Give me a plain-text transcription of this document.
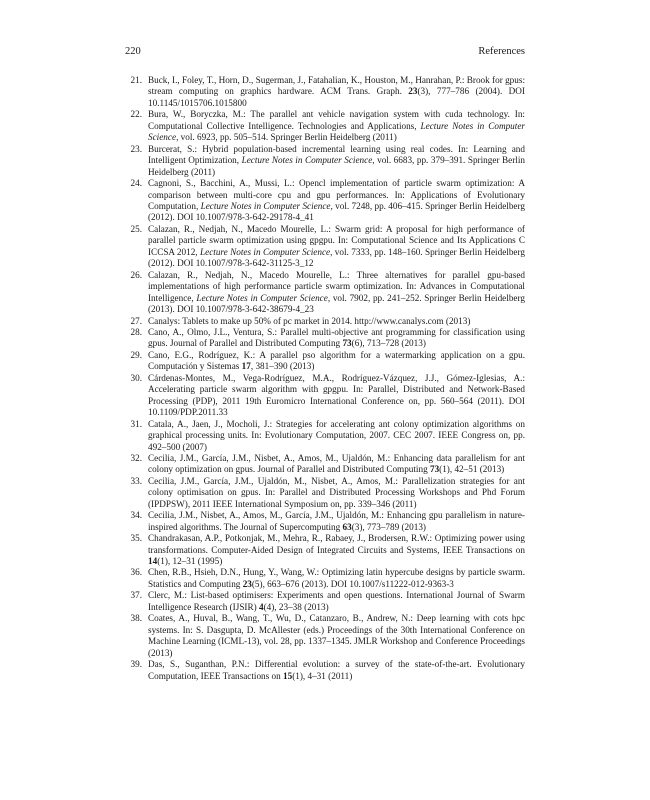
220	References

21. Buck, I., Foley, T., Horn, D., Sugerman, J., Fatahalian, K., Houston, M., Hanrahan, P.: Brook for gpus: stream computing on graphics hardware. ACM Trans. Graph. 23(3), 777–786 (2004). DOI 10.1145/1015706.1015800

22. Bura, W., Boryczka, M.: The parallel ant vehicle navigation system with cuda technology. In: Computational Collective Intelligence. Technologies and Applications, Lecture Notes in Computer Science, vol. 6923, pp. 505–514. Springer Berlin Heidelberg (2011)

23. Burcerat, S.: Hybrid population-based incremental learning using real codes. In: Learning and Intelligent Optimization, Lecture Notes in Computer Science, vol. 6683, pp. 379–391. Springer Berlin Heidelberg (2011)

24. Cagnoni, S., Bacchini, A., Mussi, L.: Opencl implementation of particle swarm optimization: A comparison between multi-core cpu and gpu performances. In: Applications of Evolutionary Computation, Lecture Notes in Computer Science, vol. 7248, pp. 406–415. Springer Berlin Heidelberg (2012). DOI 10.1007/978-3-642-29178-4_41

25. Calazan, R., Nedjah, N., Macedo Mourelle, L.: Swarm grid: A proposal for high performance of parallel particle swarm optimization using gpgpu. In: Computational Science and Its Applications C ICCSA 2012, Lecture Notes in Computer Science, vol. 7333, pp. 148–160. Springer Berlin Heidelberg (2012). DOI 10.1007/978-3-642-31125-3_12

26. Calazan, R., Nedjah, N., Macedo Mourelle, L.: Three alternatives for parallel gpu-based implementations of high performance particle swarm optimization. In: Advances in Computational Intelligence, Lecture Notes in Computer Science, vol. 7902, pp. 241–252. Springer Berlin Heidelberg (2013). DOI 10.1007/978-3-642-38679-4_23

27. Canalys: Tablets to make up 50% of pc market in 2014. http://www.canalys.com (2013)

28. Cano, A., Olmo, J.L., Ventura, S.: Parallel multi-objective ant programming for classification using gpus. Journal of Parallel and Distributed Computing 73(6), 713–728 (2013)

29. Cano, E.G., Rodríguez, K.: A parallel pso algorithm for a watermarking application on a gpu. Computación y Sistemas 17, 381–390 (2013)

30. Cárdenas-Montes, M., Vega-Rodríguez, M.A., Rodríguez-Vázquez, J.J., Gómez-Iglesias, A.: Accelerating particle swarm algorithm with gpgpu. In: Parallel, Distributed and Network-Based Processing (PDP), 2011 19th Euromicro International Conference on, pp. 560–564 (2011). DOI 10.1109/PDP.2011.33

31. Catala, A., Jaen, J., Mocholi, J.: Strategies for accelerating ant colony optimization algorithms on graphical processing units. In: Evolutionary Computation, 2007. CEC 2007. IEEE Congress on, pp. 492–500 (2007)

32. Cecilia, J.M., García, J.M., Nisbet, A., Amos, M., Ujaldón, M.: Enhancing data parallelism for ant colony optimization on gpus. Journal of Parallel and Distributed Computing 73(1), 42–51 (2013)

33. Cecilia, J.M., García, J.M., Ujaldón, M., Nisbet, A., Amos, M.: Parallelization strategies for ant colony optimisation on gpus. In: Parallel and Distributed Processing Workshops and Phd Forum (IPDPSW), 2011 IEEE International Symposium on, pp. 339–346 (2011)

34. Cecilia, J.M., Nisbet, A., Amos, M., García, J.M., Ujaldón, M.: Enhancing gpu parallelism in nature-inspired algorithms. The Journal of Supercomputing 63(3), 773–789 (2013)

35. Chandrakasan, A.P., Potkonjak, M., Mehra, R., Rabaey, J., Brodersen, R.W.: Optimizing power using transformations. Computer-Aided Design of Integrated Circuits and Systems, IEEE Transactions on 14(1), 12–31 (1995)

36. Chen, R.B., Hsieh, D.N., Hung, Y., Wang, W.: Optimizing latin hypercube designs by particle swarm. Statistics and Computing 23(5), 663–676 (2013). DOI 10.1007/s11222-012-9363-3

37. Clerc, M.: List-based optimisers: Experiments and open questions. International Journal of Swarm Intelligence Research (IJSIR) 4(4), 23–38 (2013)

38. Coates, A., Huval, B., Wang, T., Wu, D., Catanzaro, B., Andrew, N.: Deep learning with cots hpc systems. In: S. Dasgupta, D. McAllester (eds.) Proceedings of the 30th International Conference on Machine Learning (ICML-13), vol. 28, pp. 1337–1345. JMLR Workshop and Conference Proceedings (2013)

39. Das, S., Suganthan, P.N.: Differential evolution: a survey of the state-of-the-art. Evolutionary Computation, IEEE Transactions on 15(1), 4–31 (2011)
